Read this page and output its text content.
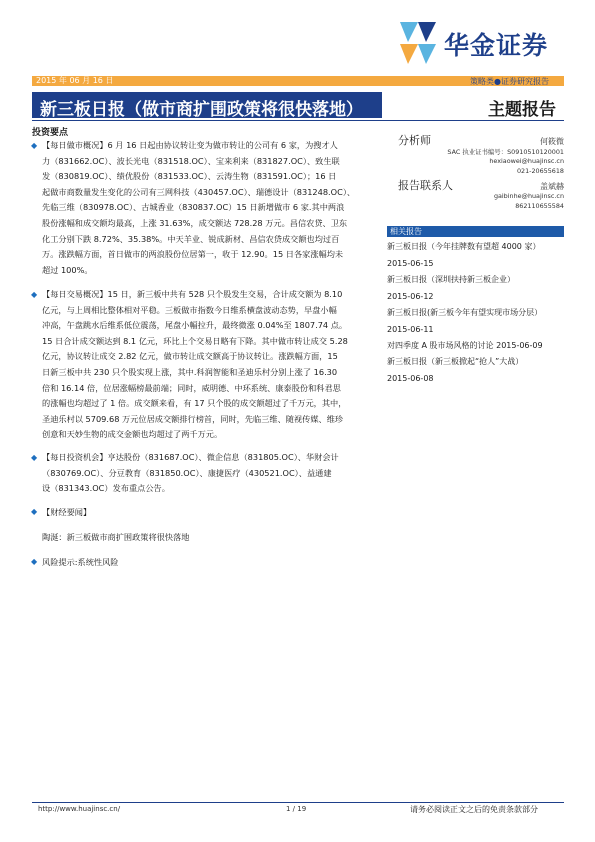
华金证券
2015 年 06 月 16 日	策略类●证券研究报告
新三板日报（做市商扩围政策将很快落地）	主题报告
投资要点
◆ 【每日做市概况】6 月 16 日起由协议转让变为做市转让的公司有 6 家，为搜才人
力（831662.OC）、波长光电（831518.OC）、宝来利来（831827.OC）、致生联
发（830819.OC）、绩优股份（831533.OC）、云涛生物（831591.OC）；16 日
起做市商数量发生变化的公司有三网科技（430457.OC）、瑞德设计（831248.OC）、
先临三维（830978.OC）、古城香业（830837.OC）15 日新增做市 6 家.其中两浪
股份涨幅和成交额均最高，上涨 31.63%，成交额达 728.28 万元。昌信农贷、卫东
化工分别下跌 8.72%、35.38%。中天羊业、锐成新材、昌信农贷成交额也均过百
万。涨跌幅方面，首日做市的两浪股份位居第一，收于 12.90。15 日各家涨幅均未
超过 100%。
◆ 【每日交易概况】15 日，新三板中共有 528 只个股发生交易，合计成交额为 8.10
亿元，与上周相比整体相对平稳。三板做市指数今日维系横盘波动态势，早盘小幅
冲高，午盘跳水后维系低位震荡，尾盘小幅拉升，最终微涨 0.04%至 1807.74 点。
15 日合计成交额达到 8.1 亿元，环比上个交易日略有下降。其中做市转让成交 5.28
亿元，协议转让成交 2.82 亿元，做市转让成交额高于协议转让。涨跌幅方面，15
日新三板中共 230 只个股实现上涨，其中.科润智能和圣迪乐村分别上涨了 16.30
倍和 16.14 倍，位居涨幅榜最前端；同时，威明德、中环系统、康泰股份和科君思
的涨幅也均超过了 1 倍。成交额来看，有 17 只个股的成交额超过了千万元，其中，
圣迪乐村以 5709.68 万元位居成交额排行榜首，同时，先临三维、随视传媒、维珍
创意和天妙生物的成交金额也均超过了两千万元。
◆ 【每日投资机会】亨达股份（831687.OC）、微企信息（831805.OC）、华财会计
（830769.OC）、分豆教育（831850.OC）、康捷医疗（430521.OC）、益通建
设（831343.OC）发布重点公告。
◆ 【财经要闻】
陶涎：新三板做市商扩围政策将很快落地
◆ 风险提示:系统性风险
分析师	何筱微
SAC 执业证书编号：S0910510120001
hexiaowei@huajinsc.cn
021-20655618
报告联系人	盖斌赫
gaibinhe@huajinsc.cn
862110655584
相关报告
新三板日报（今年挂牌数有望超 4000 家）
2015-06-15
新三板日报（深圳扶持新三板企业）
2015-06-12
新三板日报(新三板今年有望实现市场分层）
2015-06-11
对四季度 A 股市场风格的讨论 2015-06-09
新三板日报（新三板掀起“抢人”大战）
2015-06-08
http://www.huajinsc.cn/	1 / 19	请务必阅读正文之后的免责条款部分
